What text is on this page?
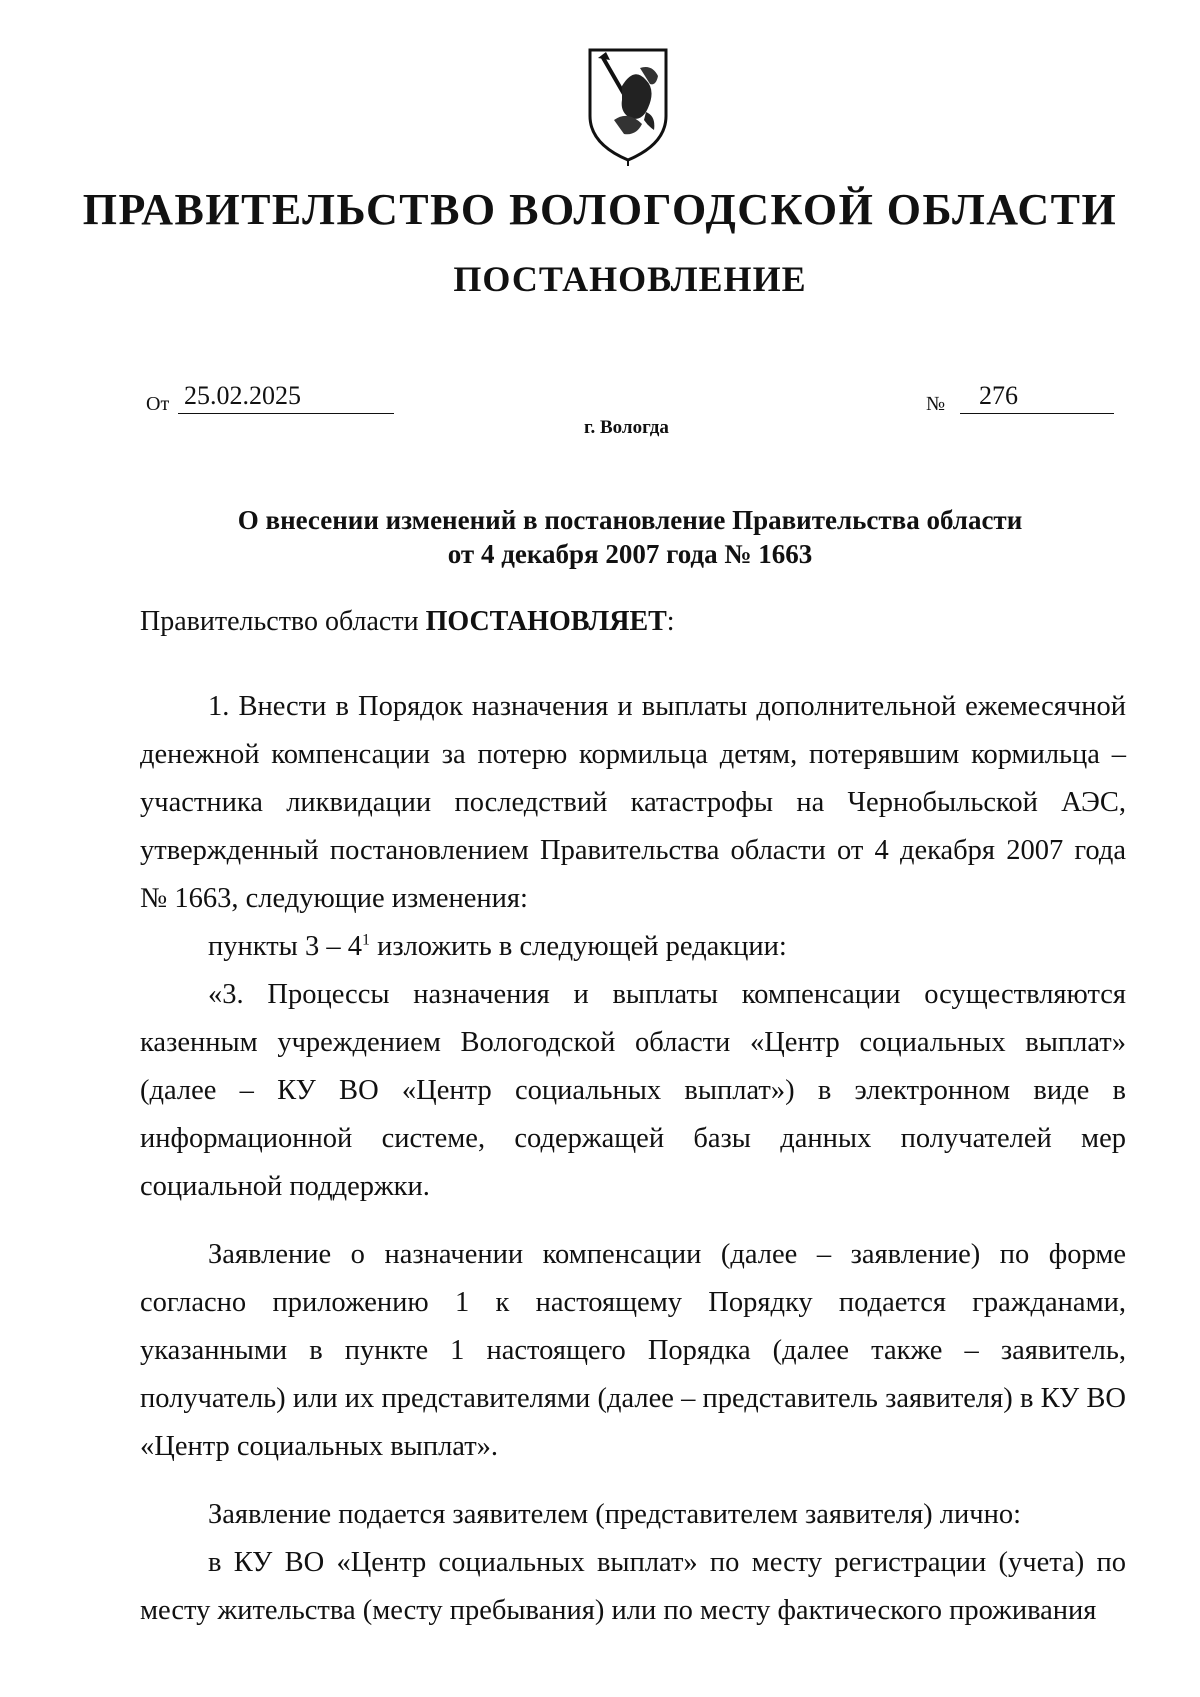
ПРАВИТЕЛЬСТВО ВОЛОГОДСКОЙ ОБЛАСТИ
ПОСТАНОВЛЕНИЕ
От 25.02.2025	№ 276
г. Вологда
О внесении изменений в постановление Правительства области
от 4 декабря 2007 года № 1663
Правительство области ПОСТАНОВЛЯЕТ:

1. Внести в Порядок назначения и выплаты дополнительной ежемесячной денежной компенсации за потерю кормильца детям, потерявшим кормильца – участника ликвидации последствий катастрофы на Чернобыльской АЭС, утвержденный постановлением Правительства области от 4 декабря 2007 года № 1663, следующие изменения:

пункты $3 - 4^1$ изложить в следующей редакции:

«3. Процессы назначения и выплаты компенсации осуществляются казенным учреждением Вологодской области «Центр социальных выплат» (далее – КУ ВО «Центр социальных выплат») в электронном виде в информационной системе, содержащей базы данных получателей мер социальной поддержки.

Заявление о назначении компенсации (далее – заявление) по форме согласно приложению 1 к настоящему Порядку подается гражданами, указанными в пункте 1 настоящего Порядка (далее также – заявитель, получатель) или их представителями (далее – представитель заявителя) в КУ ВО «Центр социальных выплат».

Заявление подается заявителем (представителем заявителя) лично:

в КУ ВО «Центр социальных выплат» по месту регистрации (учета) по месту жительства (месту пребывания) или по месту фактического проживания
